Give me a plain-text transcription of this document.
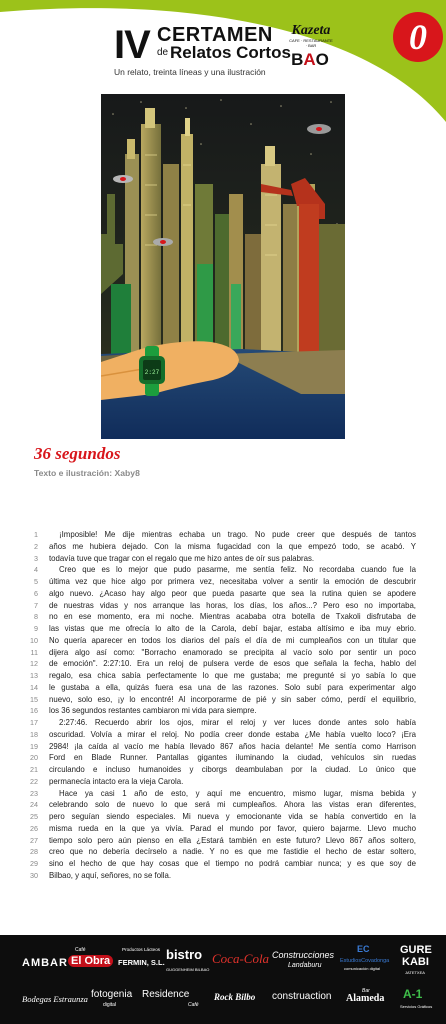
IV CERTAMEN
de Relatos Cortos
Un relato, treinta líneas y una ilustración
Kazeta
CAFE · RESTAURANTE · BAR
BAO
0
2:27
36 segundos
Texto e ilustración: Xaby8
1	¡Imposible! Me dije mientras echaba un trago. No pude creer que después de tantos
2 años me hubiera dejado. Con la misma fugacidad con la que empezó todo, se acabó. Y
3 todavía tuve que tragar con el regalo que me hizo antes de oír sus palabras.
4	Creo que es lo mejor que pudo pasarme, me sentía feliz. No recordaba cuando fue la
5 última vez que hice algo por primera vez, necesitaba volver a sentir la emoción de descubrir
6 algo nuevo. ¿Acaso hay algo peor que pueda pasarte que sea la rutina quien se apodere
7 de nuestras vidas y nos arranque las horas, los días, los años...? Pero eso no importaba,
8 no en ese momento, era mi noche. Mientras acababa otra botella de Txakoli disfrutaba de
9 las vistas que me ofrecía lo alto de la Carola, debí bajar, estaba altísimo e iba muy ebrio.
10 No quería aparecer en todos los diarios del país el día de mi cumpleaños con un titular que
11 dijera algo así como: "Borracho enamorado se precipita al vacío solo por sentir un poco
12 de emoción". 2:27:10. Era un reloj de pulsera verde de esos que señala la fecha, hablo del
13 regalo, esa chica sabía perfectamente lo que me gustaba; me pregunté si yo sabía lo que
14 le gustaba a ella, quizás fuera esa una de las razones. Solo subí para experimentar algo
15 nuevo, solo eso, ¡y lo encontré! Al incorporarme de pié y sin saber cómo, perdí el equilibrio,
16 los 36 segundos restantes cambiaron mi vida para siempre.
17	2:27:46. Recuerdo abrir los ojos, mirar el reloj y ver luces donde antes solo había
18 oscuridad. Volvía a mirar el reloj. No podía creer donde estaba ¿Me había vuelto loco? ¡Era
19 2984! ¡la caída al vacío me había llevado 867 años hacia delante! Me sentía como Harrison
20 Ford en Blade Runner. Pantallas gigantes iluminando la ciudad, vehículos sin ruedas
21 circulando e incluso humanoides y ciborgs deambulaban por la ciudad. Lo único que
22 permanecía intacto era la vieja Carola.
23	Hace ya casi 1 año de esto, y aquí me encuentro, mismo lugar, misma bebida y
24 celebrando solo de nuevo lo que será mi cumpleaños. Ahora las vistas eran diferentes,
25 pero seguían siendo especiales. Mi nueva y emocionante vida se había convertido en la
26 misma rueda en la que ya vivía. Parad el mundo por favor, quiero bajarme. Llevo mucho
27 tiempo solo pero aún pienso en ella ¿Estará también en este futuro? Llevo 867 años soltero,
28 creo que no debería decírselo a nadie. Y no es que me fastidie el hecho de estar soltero,
29 sino el hecho de que hay cosas que el tiempo no podrá cambiar nunca; y es que soy de
30 Bilbao, y aquí, señores, no se folla.
AMBAR
Café
El Obra
Productos Lácteos
FERMIN, S.L.
bistro
GUGGENHEIM BILBAO
Coca-Cola Construcciones
Landaburu
EC
EstudiosCovadonga
comunicación digital
GURE
KABI
JATETXEA
Bodegas Estraunza fotogenia
digital
Residence
Café
Rock Bilbo construaction	Bar
Alameda A-1
Servicios Gráficos
